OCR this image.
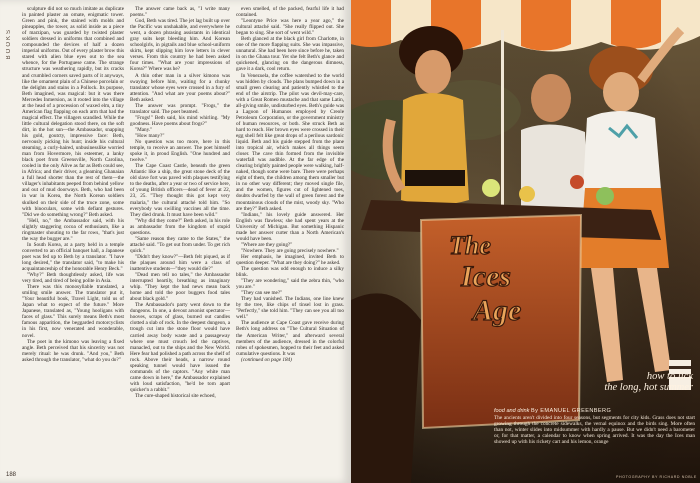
BOOKS

sculpture did not so much imitate as duplicate in painted plaster an ornate, enigmatic tower. Green and pink, the stained with molds and pineapples, the tower, as solid inside as a piece of marzipan, was guarded by twisted plaster soldiers dressed in uniforms that combined and compounded the devices of half a dozen imperial uniforms. Out of every plaster brow this stared with alien blue eyes out to the sea whence, for the Portuguese came. The strange structure was weathering rapidly, but its cracks and crumbled corners saved parts of it anyways, like the ornament plain of a Chinese porcelain or the delights and stains in a Pollock. Its purpose, Beth imagined, was magical: but it was there Mercedes Inmersion, as it rooted into the village at the head of a procession of waxed elm, a tiny American flag flapping on each arm that had the magical effect. The villagers scandled. While the little cultural delegation stood there, on the soft dirt, in the hot sun—the Ambassador, snapping his gold, goutcty, impressive face: Beth, nervously picking his hunt; inside his cultural steaming, a curly-haired, unbusinesslike worried man from Hovermore, his esteemer, a lanky black poet from Greensville, North Carolina, cooled in the only Alive as far as Beth could see, in Africa; and their driver, a gleaming Ghanaian a full head shorter than the rest of them—the villager's inhabitants peeped from behind yellow and out of mud doorways. Beth, who had been in war in Korea, the North Korean soldiers skulked on their side of the truce zone, some with binoculars, some with defiant gestures. "Did we do something wrong?" Beth asked.

"Hell, no," the Ambassador said, with his slightly staggering cocoa of enthusiasm, like a ringmaster shouting to the far rows, "that's just the way the bugger are."

In South Korea, at a party held in a temple converted to an official banquet hall, a Japanese poet was fed up to Beth by a translator. "I have long desired," the translator said, "to make his acquaintanceship of the honorable Henry Beck."

"Why?" Beth thoughtlessly asked, life was very tired, and tired of being polite in Asia.

There was this monosyllable translated, a smiling smile answer. The translator put it, "Your beautiful book, Travel Light, told us of Japan what to expect of the future." More Japanese, translated as, "Young hooligans with faces of glass." This surely means Beth's most famous apparition, the beggarded motorcyclists in his first, now venerated and wonderable, novel.

The poet in the kimono was leaving a fixed angle. Beth perceived that his sincerity was not merely ritual: he was drunk. "And you," Beth asked through the translator, "what do you do?"

The answer came back as, "I write many poems."

God, Beth was tired. The jet lag built up over the Pacific was unshakable, and everywhere he went, a dozen phrasing assistants in identical gray suits kept bleeding him. And Korean schoolgirls, in pigtails and blue school-uniform skirts, kept slipping him love letters in clever verses. From this country he had been asked four times. "What are your impressions of Korea?" Where was he?

A thin other man in a silver kimono was swaying before him, waiting for a chunky translator whose eyes were crossed in a fury of attention. "And what are your poems about?" Beth asked.

The answer was prompt. "Frogs," the translator said. The poet beamed.

"Frogs!" Beth said, his mind whirling. "My goodness. Have poems about frogs?"

"Many."

"How many?"

No question was too more, here in this temple, to receive an answer. The poet himself spoke it, in proud English. "One hundred and twelve."

The Cape Coast Castle, beneath the green Atlantic like a ship, the great stone deck of the old slave fort was paved with plaques testifying to the deaths, after a year or two of service here, of young British officers—dead of fever at 22, 23, 25. "They thought this got kept very malaria," the cultural attaché told him. "So everybody was swilling vaccines all the time. They died drunk. It must have been wild."

"Why did they come?" Beth asked, in his role as ambassador from the kingdom of stupid questions.

"Same reason they came to the States," the attaché said. "To get out from under. To get rich quick."

"Didn't they know?"—Beth felt piqued, as if the plaques around him were a class of inattentive students—"they would die?"

"Dead men tell no tales," the Ambassador interrupted heartily, breathing as imaginary whip. "They kept the bad news mean back home and told the poor buggers food tales about black gold."

The Ambassador's party went down to the dungeons. In one, a devout arsonist spectator—hooves, scraps of glass, burned out candles clotted a slab of rock. In the deepest dungeon, a trough cut into the stone floor would have carried away body waste and a passageway where one must crouch led the captives, manacled, out to the ships and the New World. Here fear had polished a path across the shelf of rock. Above their heads, a narrow round speaking tunnel would have issued the commands of the captors. "Any white man came down in here," the Ambassador explained with loud satisfaction, "he'd be torn apart quicker'n a rabbit."

The cure-shaped historical site echoed,

even smelled, of the packed, fearful life it had contained.

"Leontyne Price was here a year ago," the cultural attaché said. "She really flipped out. She began to sing. She sort of went wild."

Beth glanced at the black girl from Charlotte, in one of the more flapping suits. She was impassive, unnatural. She had been here since before he, taken in on the Ghana tour. Yet she felt Beth's glance and quickened, glancing on the dangerous dimness, gave it a dark, cool return.

In Venezuela, the coffee watershed to the world was hidden by clouds. The plans bumped down in a small green clearing and patiently whistled to the end of the airstrip. The pilot was devil-may-care, with a Great Romeo mustache and that same Latin, all-giving smile, undisturbed eyes. Beth's guide was a Lagoon of Humanos employed by Creole Petroleum Corporation, or the government ministry of human resources, or both. She struck Beth as hard to reach. Her brown eyes were crossed in their egg shell felt like great drops of a perilous sardonic liquid. Beth and his guide stepped from the plane into tropical air, which makes all things seem closer. The cave thin formed from the invisible waterfall was audible. At the far edge of the clearing brightly painted people were walking, half-naked, though some were bare. There were perhaps eight of them, the children among them smaller but in no other way different; they moved single file, and the women, figures cut of lightened toes, doubts dwarfed by the wall of green forest and the mountainous clouds of the mist, woody sky. "Who are they?" Beth asked.

"Indians," his lovely guide answered. Her English was flawless; she had spent years at the University of Michigan. But something Hispanic made her answer curter than a North American's would have been.

"Where are they going?"

"Nowhere. They are going precisely nowhere."

Her emphasis, he imagined, invited Beth to question deeper. "What are they doing?" he asked.

The question was odd enough to induce a silky blink.

"They are wondering," said the zebra thin, "who you are."

"They can see me?"

They had vanished. The Indians, one line knew by the tree, like chips of tinsel lost in grass. "Perfectly," she told him. "They can see you all too well."

The audience at Cape Coast gave receive during Beth's long address on "The Cultural Situation of the American Writer," and afterward several members of the audience, dressed in the colorful robes of spokesmen, hopped to their feet and asked cumulative questions. It was

(continued on page 184)

188
The
Ices
Age
how to lick
the long, hot summer
food and drink By EMANUEL GREENBERG
The ancients aren't divided into four seasons, but segments for city kids. Grass does not start growing through the concrete sidewalks, the vernal equinox and the birds sing. More often than not, winter slides into midsummer with hardly a pause. But we didn't need a barometer or, for that matter, a calendar to know when spring arrived. It was the day the Ices man showed up with his rickety cart and his lemon, orange
PHOTOGRAPHY BY RICHARD NOBLE
